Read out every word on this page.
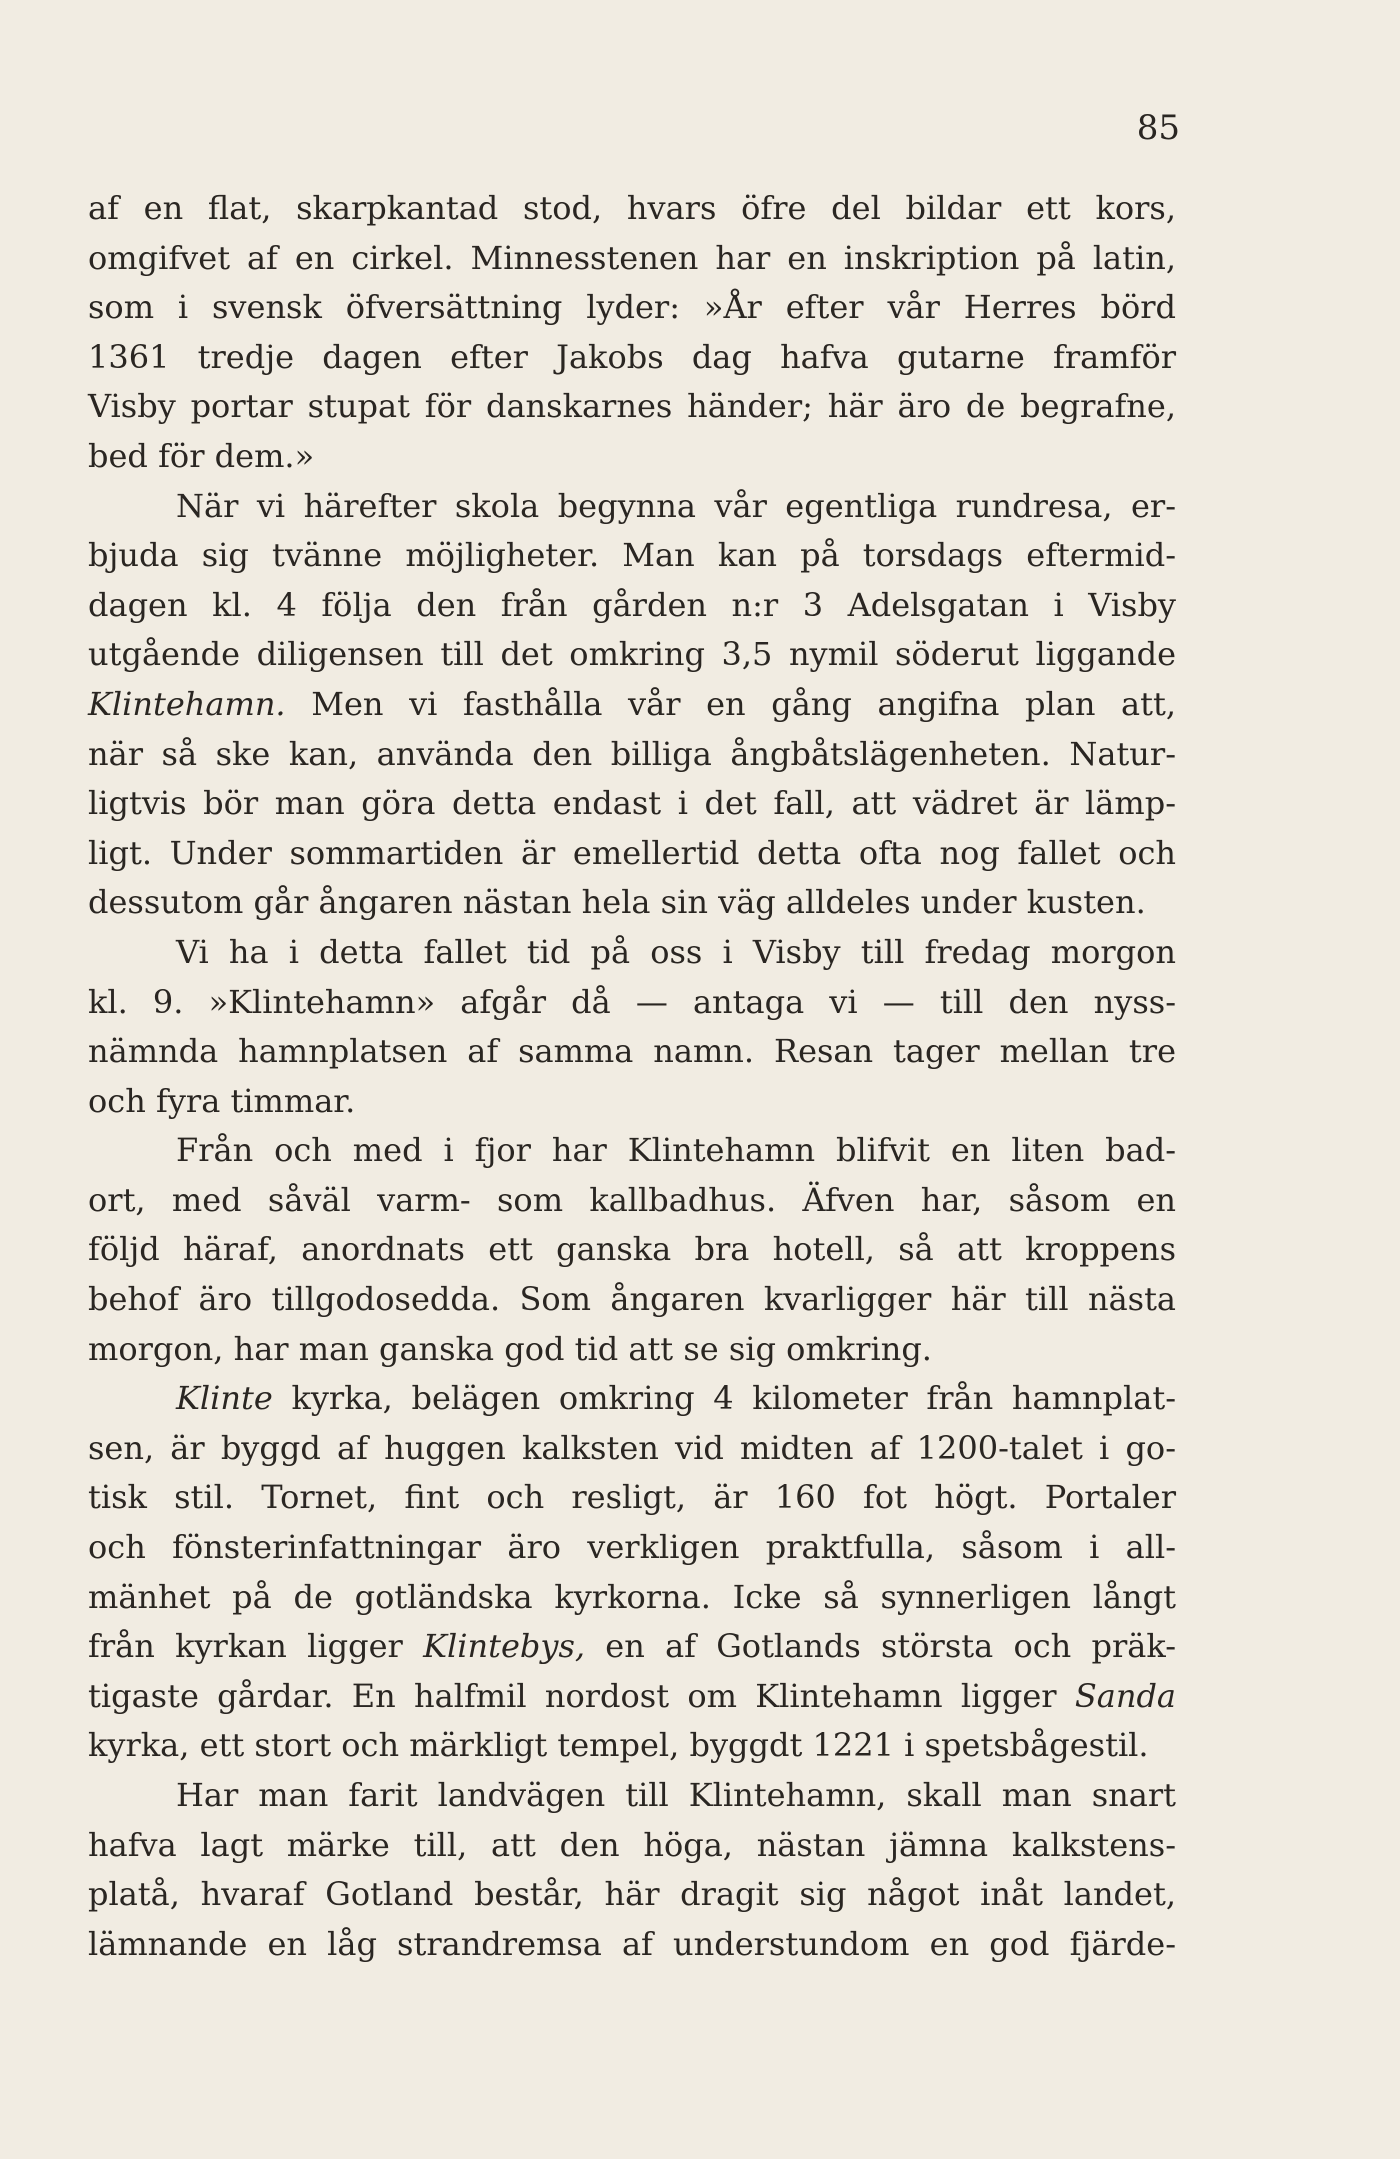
85
af en flat, skarpkantad stod, hvars öfre del bildar ett kors,
omgifvet af en cirkel. Minnesstenen har en inskription på latin,
som i svensk öfversättning lyder: »År efter vår Herres börd
1361 tredje dagen efter Jakobs dag hafva gutarne framför
Visby portar stupat för danskarnes händer; här äro de begrafne,
bed för dem.»
När vi härefter skola begynna vår egentliga rundresa, er-
bjuda sig tvänne möjligheter. Man kan på torsdags eftermid-
dagen kl. 4 följa den från gården n:r 3 Adelsgatan i Visby
utgående diligensen till det omkring 3,5 nymil söderut liggande
Klintehamn. Men vi fasthålla vår en gång angifna plan att,
när så ske kan, använda den billiga ångbåtslägenheten. Natur-
ligtvis bör man göra detta endast i det fall, att vädret är lämp-
ligt. Under sommartiden är emellertid detta ofta nog fallet och
dessutom går ångaren nästan hela sin väg alldeles under kusten.
Vi ha i detta fallet tid på oss i Visby till fredag morgon
kl. 9. »Klintehamn» afgår då — antaga vi — till den nyss-
nämnda hamnplatsen af samma namn. Resan tager mellan tre
och fyra timmar.
Från och med i fjor har Klintehamn blifvit en liten bad-
ort, med såväl varm- som kallbadhus. Äfven har, såsom en
följd häraf, anordnats ett ganska bra hotell, så att kroppens
behof äro tillgodosedda. Som ångaren kvarligger här till nästa
morgon, har man ganska god tid att se sig omkring.
Klinte kyrka, belägen omkring 4 kilometer från hamnplat-
sen, är byggd af huggen kalksten vid midten af 1200-talet i go-
tisk stil. Tornet, fint och resligt, är 160 fot högt. Portaler
och fönsterinfattningar äro verkligen praktfulla, såsom i all-
mänhet på de gotländska kyrkorna. Icke så synnerligen långt
från kyrkan ligger Klintebys, en af Gotlands största och präk-
tigaste gårdar. En halfmil nordost om Klintehamn ligger Sanda
kyrka, ett stort och märkligt tempel, byggdt 1221 i spetsbågestil.
Har man farit landvägen till Klintehamn, skall man snart
hafva lagt märke till, att den höga, nästan jämna kalkstens-
platå, hvaraf Gotland består, här dragit sig något inåt landet,
lämnande en låg strandremsa af understundom en god fjärde-
